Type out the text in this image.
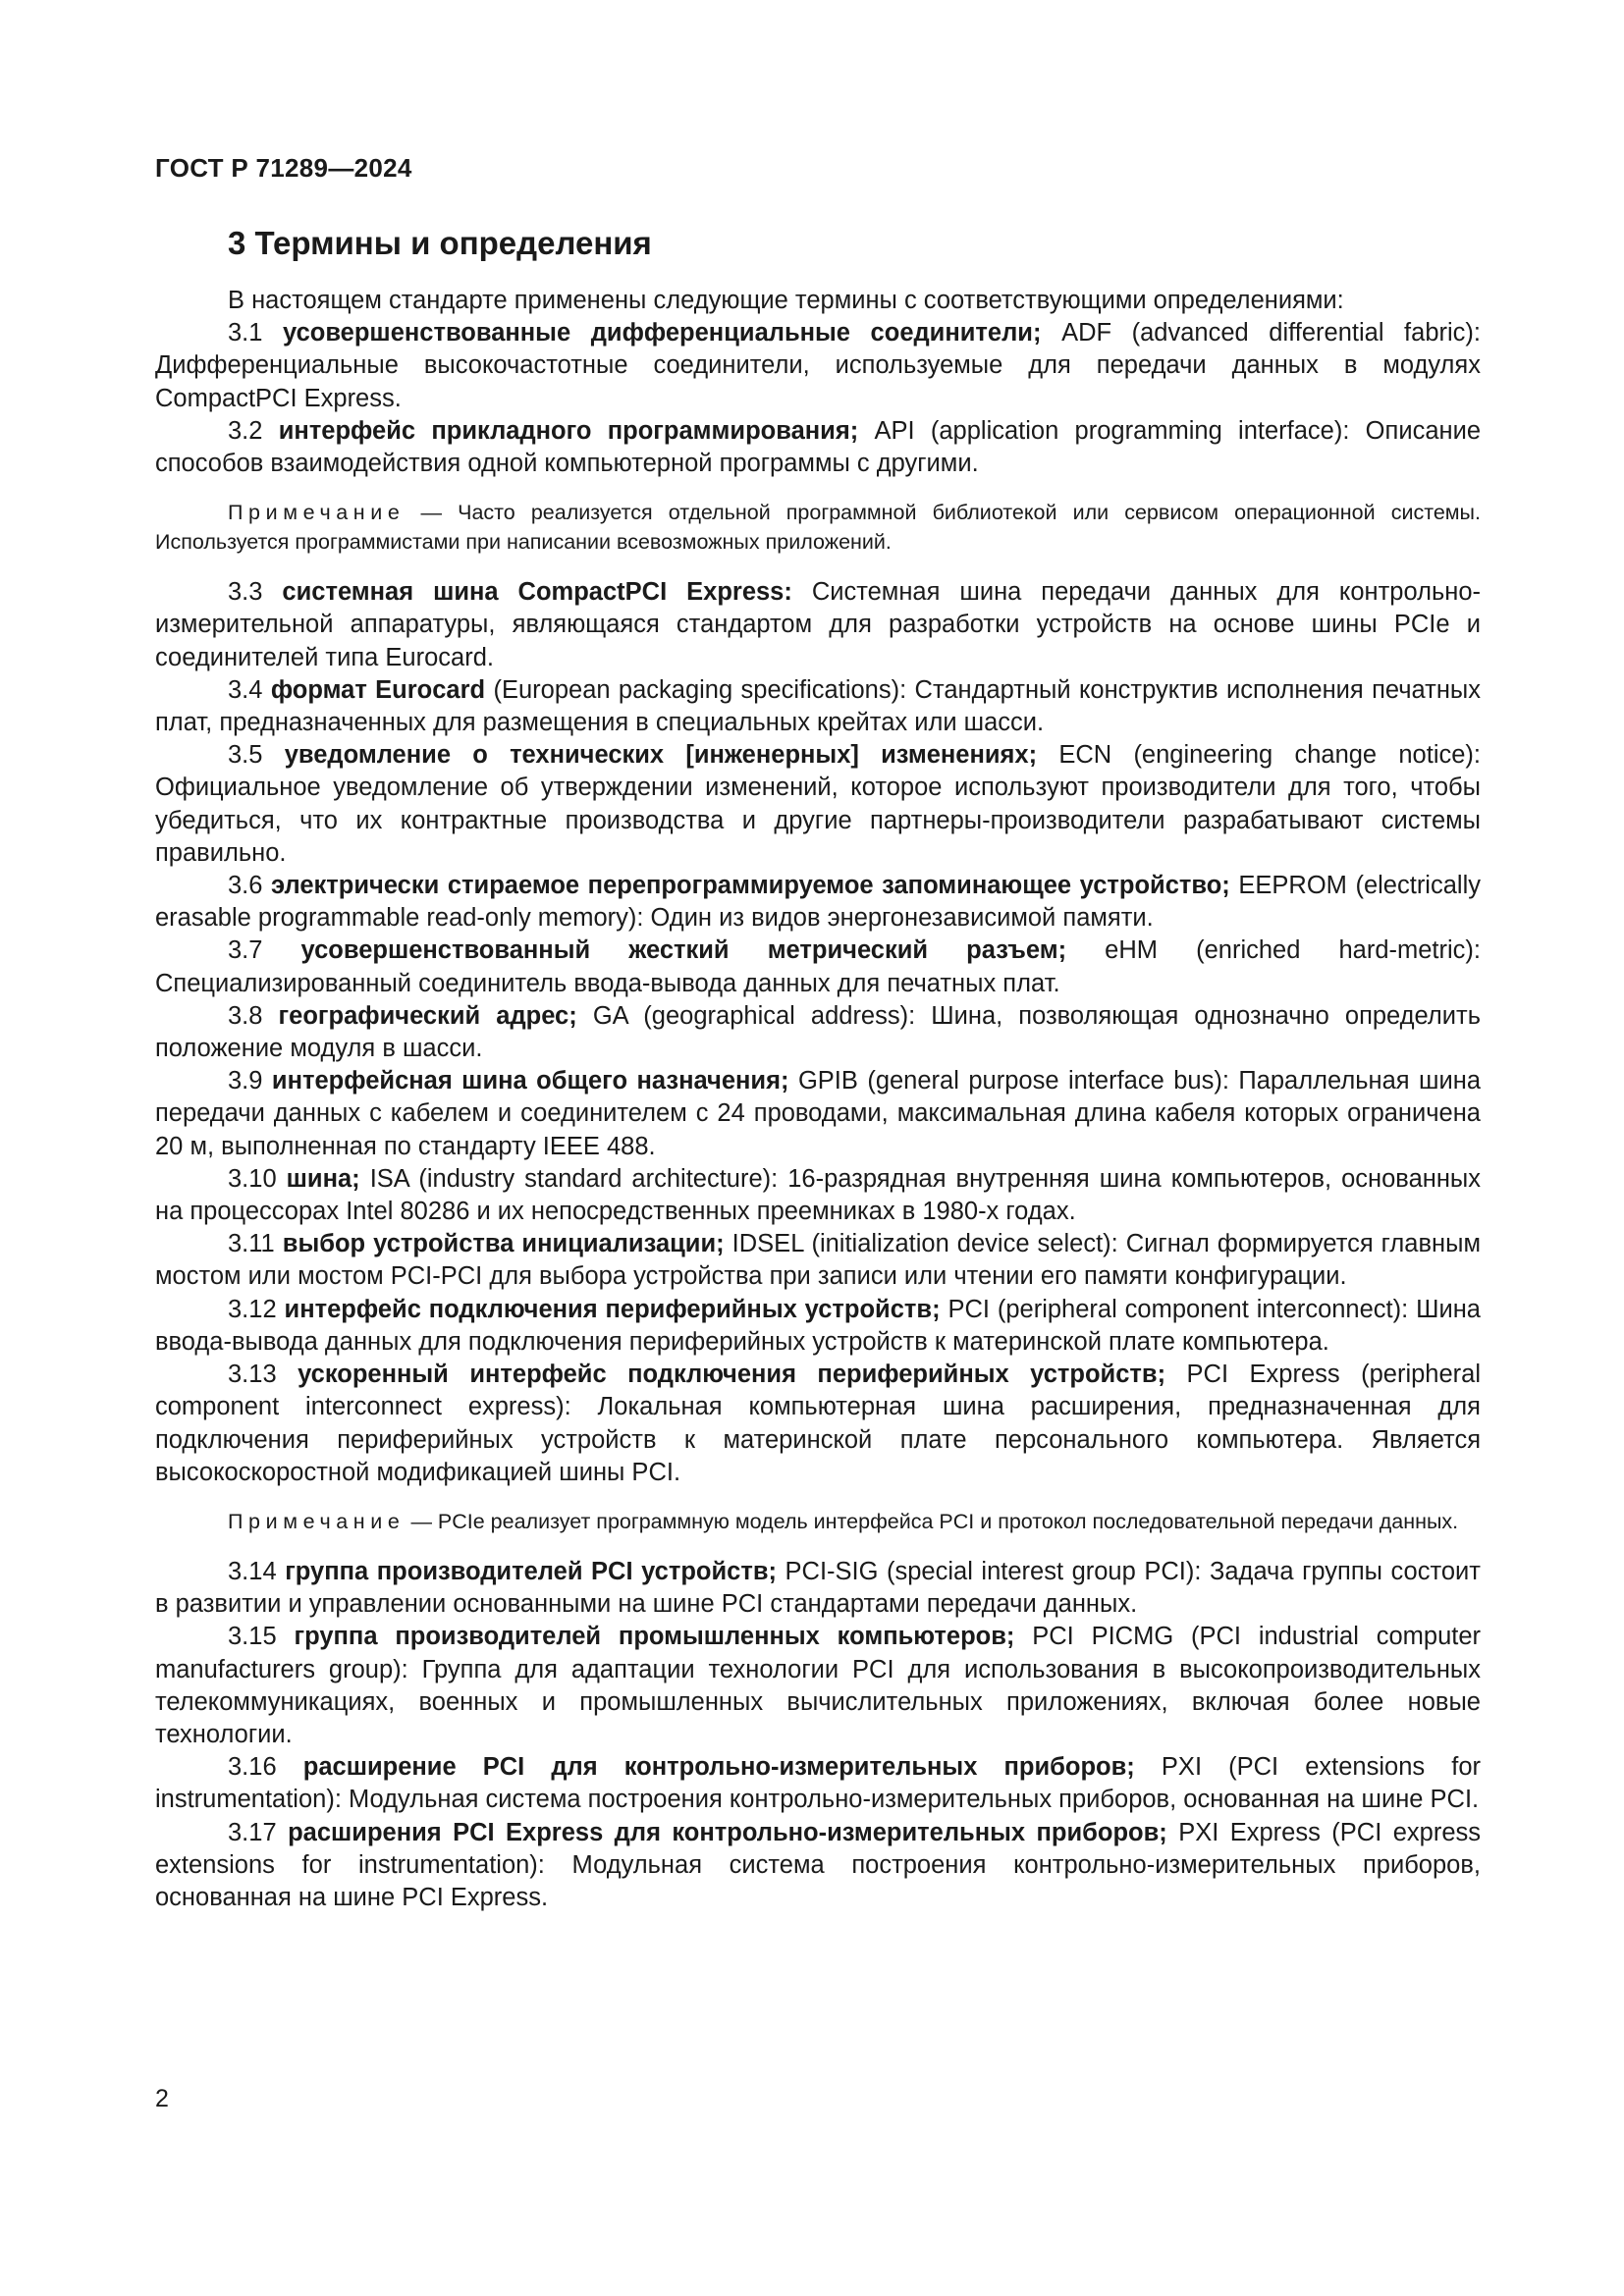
ГОСТ Р 71289—2024
3 Термины и определения

В настоящем стандарте применены следующие термины с соответствующими определениями:

3.1 усовершенствованные дифференциальные соединители; ADF (advanced differential fabric): Дифференциальные высокочастотные соединители, используемые для передачи данных в модулях CompactPCI Express.

3.2 интерфейс прикладного программирования; API (application programming interface): Описание способов взаимодействия одной компьютерной программы с другими.

Примечание — Часто реализуется отдельной программной библиотекой или сервисом операционной системы. Используется программистами при написании всевозможных приложений.

3.3 системная шина CompactPCI Express: Системная шина передачи данных для контрольно-измерительной аппаратуры, являющаяся стандартом для разработки устройств на основе шины PCIe и соединителей типа Eurocard.

3.4 формат Eurocard (European packaging specifications): Стандартный конструктив исполнения печатных плат, предназначенных для размещения в специальных крейтах или шасси.

3.5 уведомление о технических [инженерных] изменениях; ECN (engineering change notice): Официальное уведомление об утверждении изменений, которое используют производители для того, чтобы убедиться, что их контрактные производства и другие партнеры-производители разрабатывают системы правильно.

3.6 электрически стираемое перепрограммируемое запоминающее устройство; EEPROM (electrically erasable programmable read-only memory): Один из видов энергонезависимой памяти.

3.7 усовершенствованный жесткий метрический разъем; eHM (enriched hard-metric): Специализированный соединитель ввода-вывода данных для печатных плат.

3.8 географический адрес; GA (geographical address): Шина, позволяющая однозначно определить положение модуля в шасси.

3.9 интерфейсная шина общего назначения; GPIB (general purpose interface bus): Параллельная шина передачи данных с кабелем и соединителем с 24 проводами, максимальная длина кабеля которых ограничена 20 м, выполненная по стандарту IEEE 488.

3.10 шина; ISA (industry standard architecture): 16-разрядная внутренняя шина компьютеров, основанных на процессорах Intel 80286 и их непосредственных преемниках в 1980-х годах.

3.11 выбор устройства инициализации; IDSEL (initialization device select): Сигнал формируется главным мостом или мостом PCI-PCI для выбора устройства при записи или чтении его памяти конфигурации.

3.12 интерфейс подключения периферийных устройств; PCI (peripheral component interconnect): Шина ввода-вывода данных для подключения периферийных устройств к материнской плате компьютера.

3.13 ускоренный интерфейс подключения периферийных устройств; PCI Express (peripheral component interconnect express): Локальная компьютерная шина расширения, предназначенная для подключения периферийных устройств к материнской плате персонального компьютера. Является высокоскоростной модификацией шины PCI.

Примечание — PCIe реализует программную модель интерфейса PCI и протокол последовательной передачи данных.

3.14 группа производителей PCI устройств; PCI-SIG (special interest group PCI): Задача группы состоит в развитии и управлении основанными на шине PCI стандартами передачи данных.

3.15 группа производителей промышленных компьютеров; PCI PICMG (PCI industrial computer manufacturers group): Группа для адаптации технологии PCI для использования в высокопроизводительных телекоммуникациях, военных и промышленных вычислительных приложениях, включая более новые технологии.

3.16 расширение PCI для контрольно-измерительных приборов; PXI (PCI extensions for instrumentation): Модульная система построения контрольно-измерительных приборов, основанная на шине PCI.

3.17 расширения PCI Express для контрольно-измерительных приборов; PXI Express (PCI express extensions for instrumentation): Модульная система построения контрольно-измерительных приборов, основанная на шине PCI Express.

2
